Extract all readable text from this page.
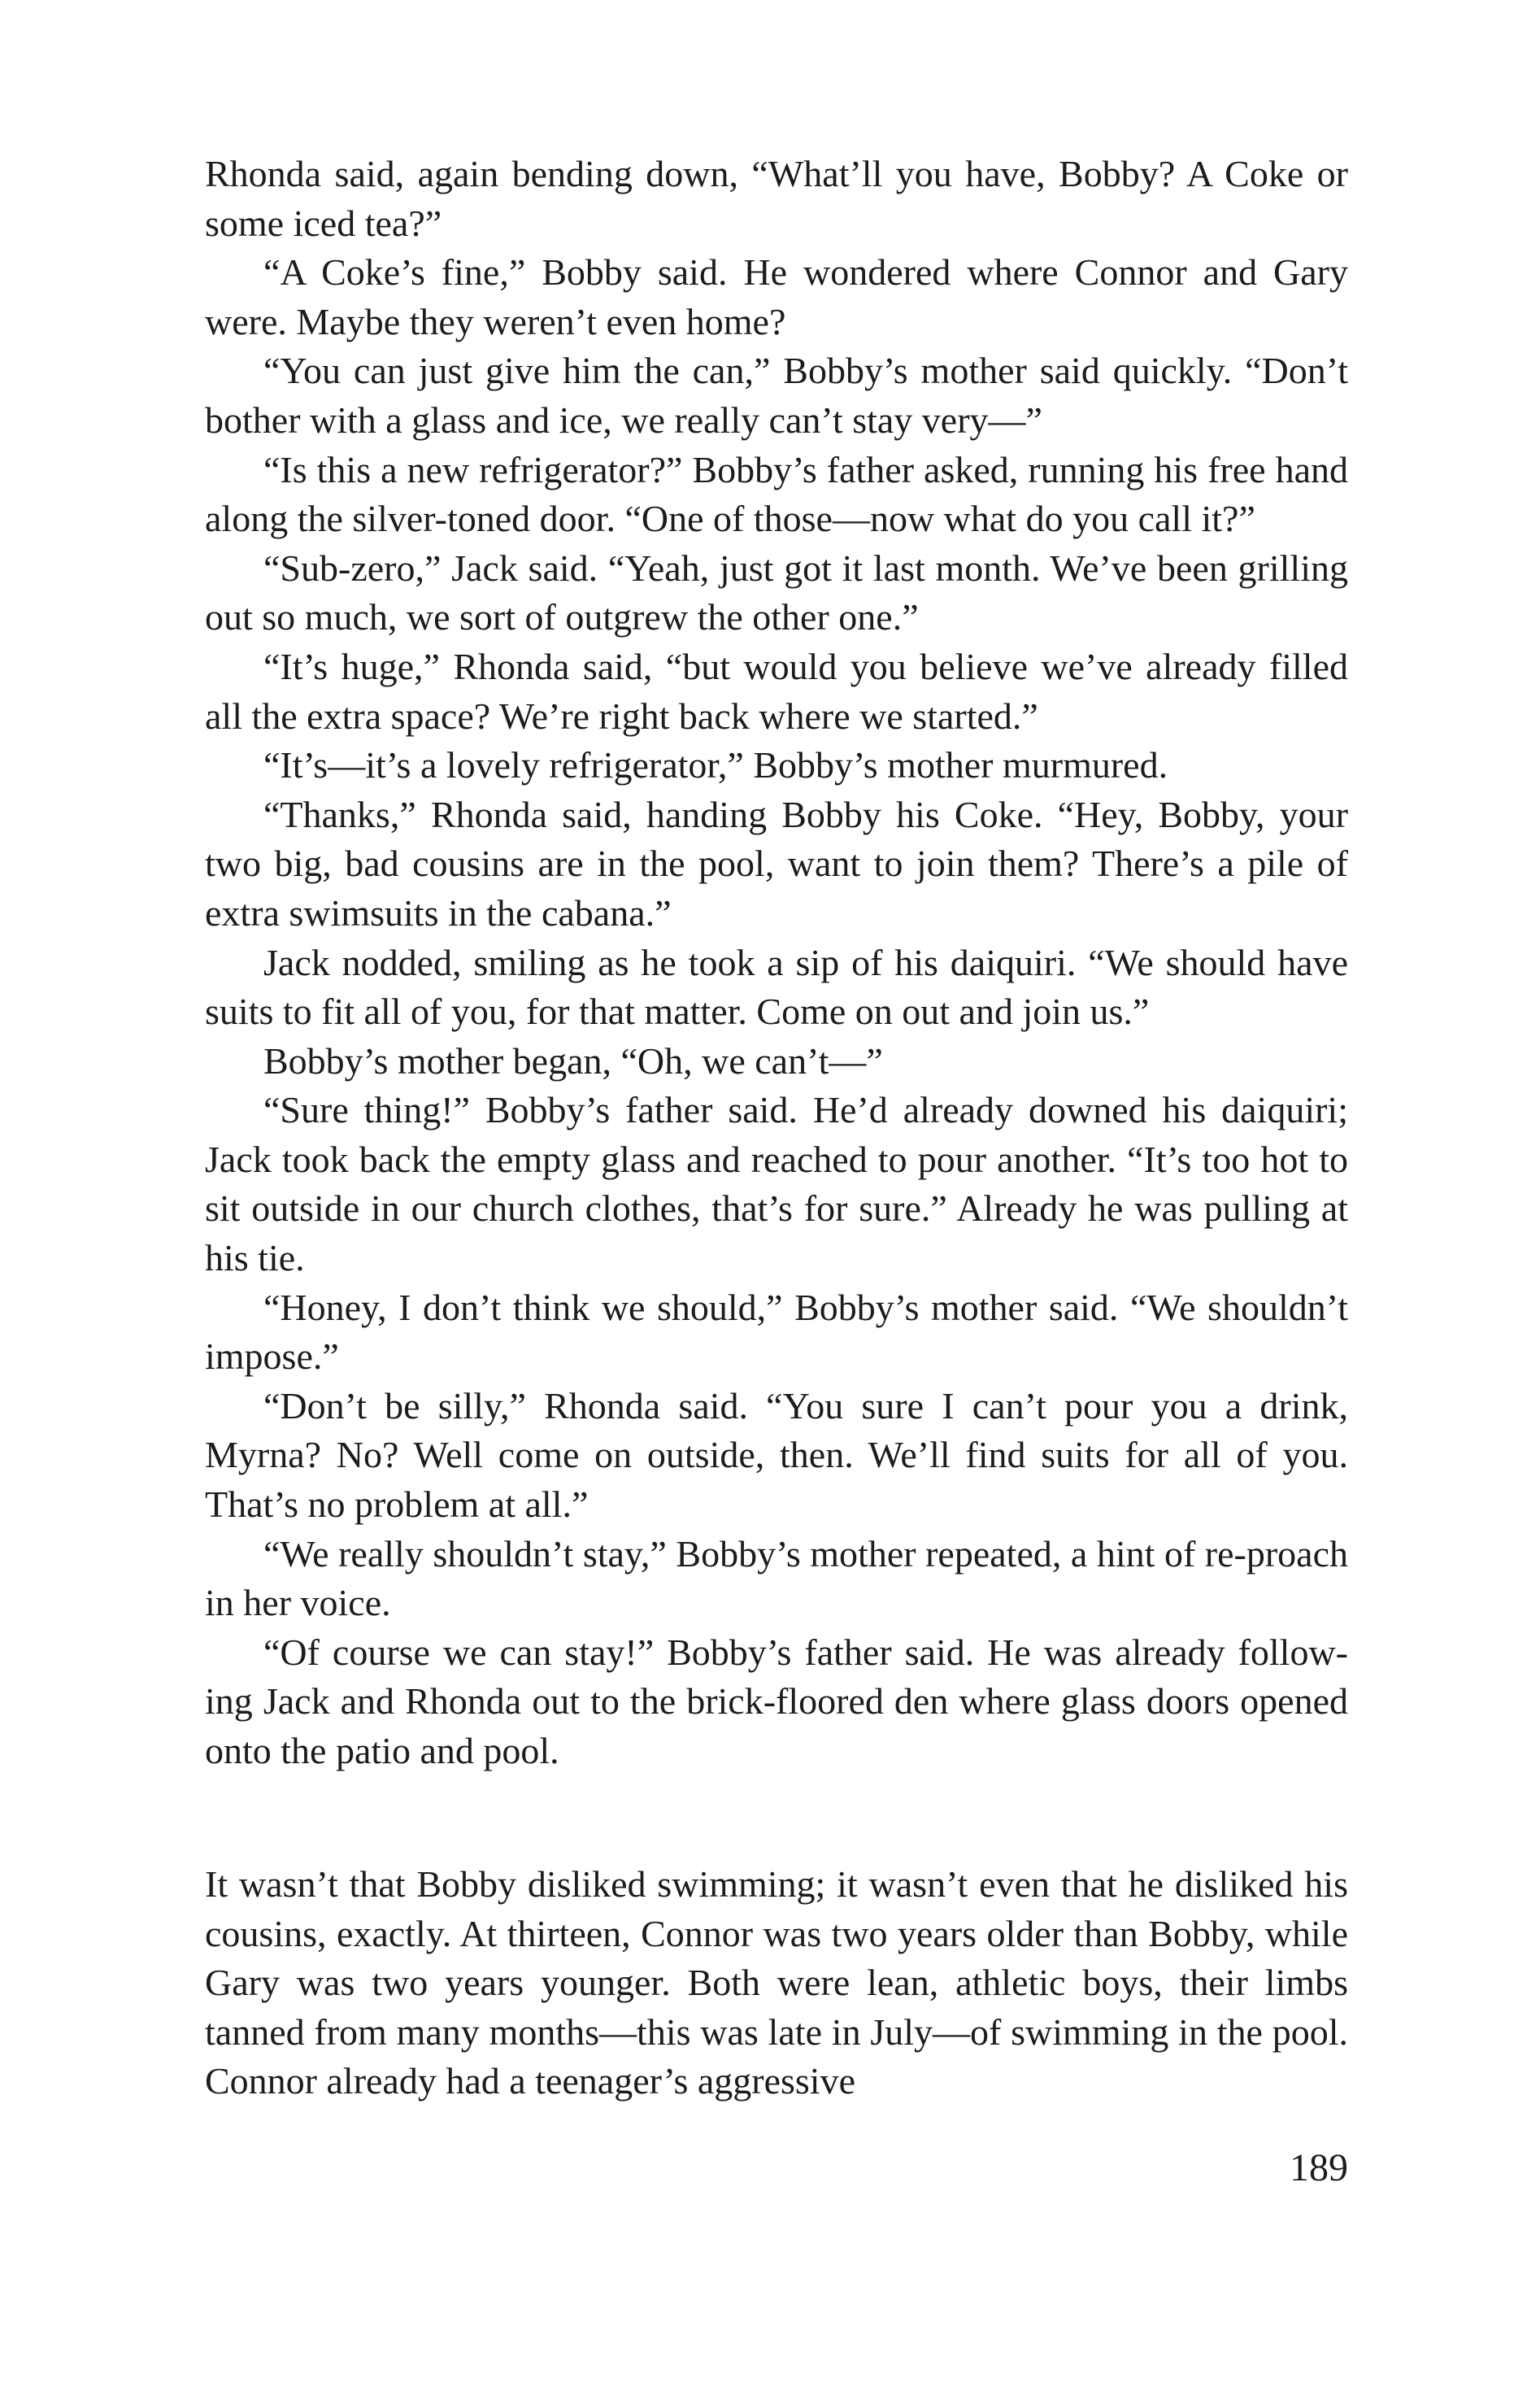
Rhonda said, again bending down, “What’ll you have, Bobby? A Coke or some iced tea?”

“A Coke’s fine,” Bobby said. He wondered where Connor and Gary were. Maybe they weren’t even home?

“You can just give him the can,” Bobby’s mother said quickly. “Don’t bother with a glass and ice, we really can’t stay very—”

“Is this a new refrigerator?” Bobby’s father asked, running his free hand along the silver-toned door. “One of those—now what do you call it?”

“Sub-zero,” Jack said. “Yeah, just got it last month. We’ve been grilling out so much, we sort of outgrew the other one.”

“It’s huge,” Rhonda said, “but would you believe we’ve already filled all the extra space? We’re right back where we started.”

“It’s—it’s a lovely refrigerator,” Bobby’s mother murmured.

“Thanks,” Rhonda said, handing Bobby his Coke. “Hey, Bobby, your two big, bad cousins are in the pool, want to join them? There’s a pile of extra swimsuits in the cabana.”

Jack nodded, smiling as he took a sip of his daiquiri. “We should have suits to fit all of you, for that matter. Come on out and join us.”

Bobby’s mother began, “Oh, we can’t—”

“Sure thing!” Bobby’s father said. He’d already downed his daiquiri; Jack took back the empty glass and reached to pour another. “It’s too hot to sit outside in our church clothes, that’s for sure.” Already he was pulling at his tie.

“Honey, I don’t think we should,” Bobby’s mother said. “We shouldn’t impose.”

“Don’t be silly,” Rhonda said. “You sure I can’t pour you a drink, Myrna? No? Well come on outside, then. We’ll find suits for all of you. That’s no problem at all.”

“We really shouldn’t stay,” Bobby’s mother repeated, a hint of re-proach in her voice.

“Of course we can stay!” Bobby’s father said. He was already follow-ing Jack and Rhonda out to the brick-floored den where glass doors opened onto the patio and pool.

It wasn’t that Bobby disliked swimming; it wasn’t even that he disliked his cousins, exactly. At thirteen, Connor was two years older than Bobby, while Gary was two years younger. Both were lean, athletic boys, their limbs tanned from many months—this was late in July—of swimming in the pool. Connor already had a teenager’s aggressive

189
